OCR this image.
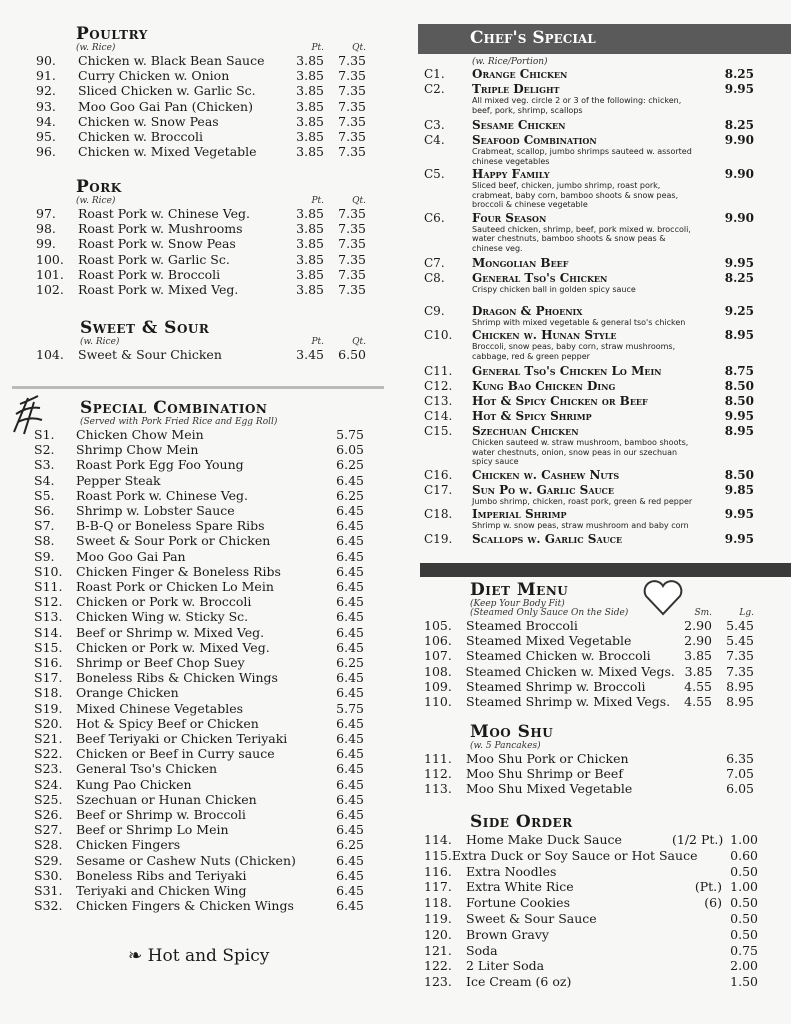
Poultry
(w. Rice)	Pt.	Qt.
90.	Chicken w. Black Bean Sauce	3.85	7.35
91.	Curry Chicken w. Onion	3.85	7.35
92.	Sliced Chicken w. Garlic Sc.	3.85	7.35
93.	Moo Goo Gai Pan (Chicken)	3.85	7.35
94.	Chicken w. Snow Peas	3.85	7.35
95.	Chicken w. Broccoli	3.85	7.35
96.	Chicken w. Mixed Vegetable	3.85	7.35
Pork
(w. Rice)	Pt.	Qt.
97.	Roast Pork w. Chinese Veg.	3.85	7.35
98.	Roast Pork w. Mushrooms	3.85	7.35
99.	Roast Pork w. Snow Peas	3.85	7.35
100.	Roast Pork w. Garlic Sc.	3.85	7.35
101.	Roast Pork w. Broccoli	3.85	7.35
102.	Roast Pork w. Mixed Veg.	3.85	7.35
Sweet & Sour
(w. Rice)	Pt.	Qt.
104.	Sweet & Sour Chicken	3.45	6.50
Special Combination
(Served with Pork Fried Rice and Egg Roll)
S1.	Chicken Chow Mein	5.75
S2.	Shrimp Chow Mein	6.05
S3.	Roast Pork Egg Foo Young	6.25
S4.	Pepper Steak	6.45
S5.	Roast Pork w. Chinese Veg.	6.25
S6.	Shrimp w. Lobster Sauce	6.45
S7.	B-B-Q or Boneless Spare Ribs	6.45
S8.	Sweet & Sour Pork or Chicken	6.45
S9.	Moo Goo Gai Pan	6.45
S10.	Chicken Finger & Boneless Ribs	6.45
S11.	Roast Pork or Chicken Lo Mein	6.45
S12.	Chicken or Pork w. Broccoli	6.45
S13.	Chicken Wing w. Sticky Sc.	6.45
S14.	Beef or Shrimp w. Mixed Veg.	6.45
S15.	Chicken or Pork w. Mixed Veg.	6.45
S16.	Shrimp or Beef Chop Suey	6.25
S17.	Boneless Ribs & Chicken Wings	6.45
S18.	Orange Chicken	6.45
S19.	Mixed Chinese Vegetables	5.75
S20.	Hot & Spicy Beef or Chicken	6.45
S21.	Beef Teriyaki or Chicken Teriyaki	6.45
S22.	Chicken or Beef in Curry sauce	6.45
S23.	General Tso's Chicken	6.45
S24.	Kung Pao Chicken	6.45
S25.	Szechuan or Hunan Chicken	6.45
S26.	Beef or Shrimp w. Broccoli	6.45
S27.	Beef or Shrimp Lo Mein	6.45
S28.	Chicken Fingers	6.25
S29.	Sesame or Cashew Nuts (Chicken)	6.45
S30.	Boneless Ribs and Teriyaki	6.45
S31.	Teriyaki and Chicken Wing	6.45
S32.	Chicken Fingers & Chicken Wings	6.45
❧ Hot and Spicy
Chef's Special
(w. Rice/Portion)
C1.	Orange Chicken	8.25
C2.	Triple Delight	9.95
All mixed veg. circle 2 or 3 of the following: chicken, beef, pork, shrimp, scallops
C3.	Sesame Chicken	8.25
C4.	Seafood Combination	9.90
Crabmeat, scallop, jumbo shrimps sauteed w. assorted chinese vegetables
C5.	Happy Family	9.90
Sliced beef, chicken, jumbo shrimp, roast pork, crabmeat, baby corn, bamboo shoots & snow peas, broccoli & chinese vegetable
C6.	Four Season	9.90
Sauteed chicken, shrimp, beef, pork mixed w. broccoli, water chestnuts, bamboo shoots & snow peas & chinese veg.
C7.	Mongolian Beef	9.95
C8.	General Tso's Chicken	8.25
Crispy chicken ball in golden spicy sauce
C9.	Dragon & Phoenix	9.25
Shrimp with mixed vegetable & general tso's chicken
C10.	Chicken w. Hunan Style	8.95
Broccoli, snow peas, baby corn, straw mushrooms, cabbage, red & green pepper
C11.	General Tso's Chicken Lo Mein	8.75
C12.	Kung Bao Chicken Ding	8.50
C13.	Hot & Spicy Chicken or Beef	8.50
C14.	Hot & Spicy Shrimp	9.95
C15.	Szechuan Chicken	8.95
Chicken sauteed w. straw mushroom, bamboo shoots, water chestnuts, onion, snow peas in our szechuan spicy sauce
C16.	Chicken w. Cashew Nuts	8.50
C17.	Sun Po w. Garlic Sauce	9.85
Jumbo shrimp, chicken, roast pork, green & red pepper
C18.	Imperial Shrimp	9.95
Shrimp w. snow peas, straw mushroom and baby corn
C19.	Scallops w. Garlic Sauce	9.95
Diet Menu
(Keep Your Body Fit)
(Steamed Only Sauce On the Side)	Sm.	Lg.
105.	Steamed Broccoli	2.90	5.45
106.	Steamed Mixed Vegetable	2.90	5.45
107.	Steamed Chicken w. Broccoli	3.85	7.35
108.	Steamed Chicken w. Mixed Vegs. 3.85	7.35
109.	Steamed Shrimp w. Broccoli	4.55	8.95
110.	Steamed Shrimp w. Mixed Vegs.	4.55	8.95
Moo Shu
(w. 5 Pancakes)
111.	Moo Shu Pork or Chicken	6.35
112.	Moo Shu Shrimp or Beef	7.05
113.	Moo Shu Mixed Vegetable	6.05
Side Order
114.	Home Make Duck Sauce	(1/2 Pt.) 1.00
115. Extra Duck or Soy Sauce or Hot Sauce	0.60
116.	Extra Noodles	0.50
117.	Extra White Rice	(Pt.) 1.00
118.	Fortune Cookies	(6) 0.50
119.	Sweet & Sour Sauce	0.50
120.	Brown Gravy	0.50
121.	Soda	0.75
122.	2 Liter Soda	2.00
123.	Ice Cream (6 oz)	1.50
